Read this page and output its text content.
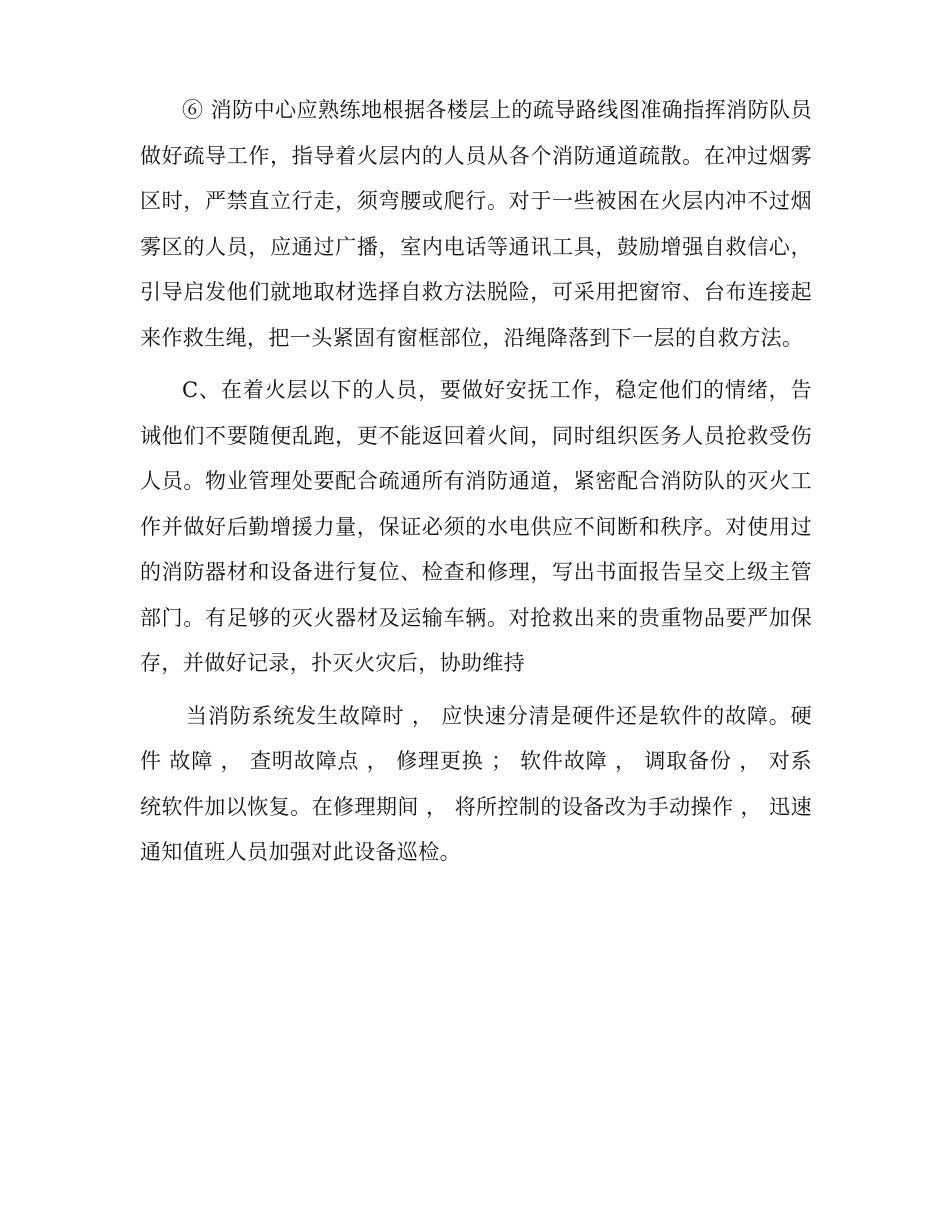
⑥ 消防中心应熟练地根据各楼层上的疏导路线图准确指挥消防队员做好疏导工作，指导着火层内的人员从各个消防通道疏散。在冲过烟雾区时，严禁直立行走，须弯腰或爬行。对于一些被困在火层内冲不过烟雾区的人员，应通过广播，室内电话等通讯工具，鼓励增强自救信心，引导启发他们就地取材选择自救方法脱险，可采用把窗帘、台布连接起来作救生绳，把一头紧固有窗框部位，沿绳降落到下一层的自救方法。

C、在着火层以下的人员，要做好安抚工作，稳定他们的情绪，告诫他们不要随便乱跑，更不能返回着火间，同时组织医务人员抢救受伤人员。物业管理处要配合疏通所有消防通道，紧密配合消防队的灭火工作并做好后勤增援力量，保证必须的水电供应不间断和秩序。对使用过的消防器材和设备进行复位、检查和修理，写出书面报告呈交上级主管部门。有足够的灭火器材及运输车辆。对抢救出来的贵重物品要严加保存，并做好记录，扑灭火灾后，协助维持

当消防系统发生故障时 ， 应快速分清是硬件还是软件的故障。硬件 故障 ， 查明故障点 ， 修理更换 ； 软件故障 ， 调取备份 ， 对系统软件加以恢复。在修理期间 ， 将所控制的设备改为手动操作 ， 迅速通知值班人员加强对此设备巡检。
